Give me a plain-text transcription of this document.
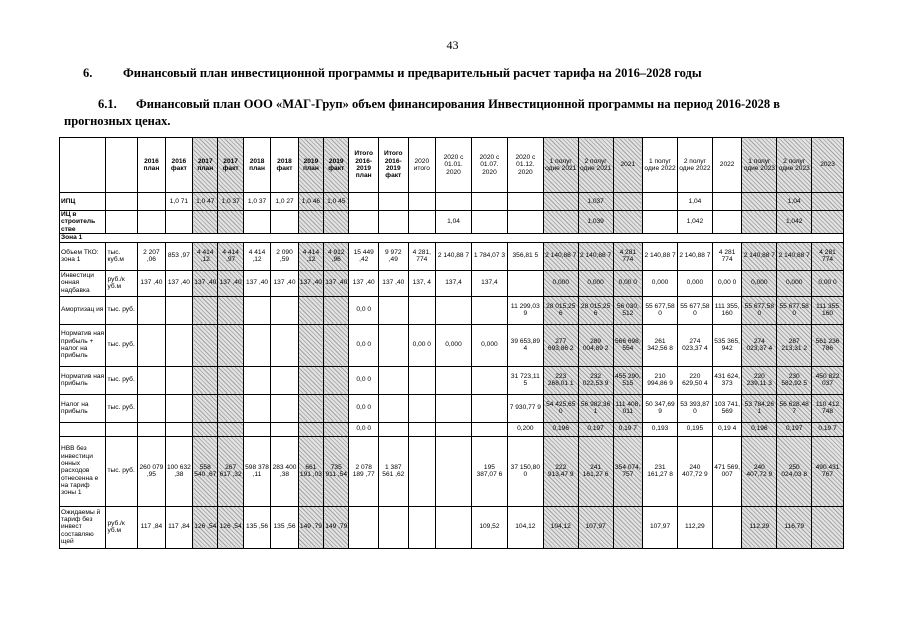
43
6. Финансовый план инвестиционной программы и предварительный расчет тарифа на 2016–2028 годы
6.1. Финансовый план ООО «МАГ-Груп» объем финансирования Инвестиционной программы на период 2016-2028 в прогнозных ценах.
		2016 план	2016 факт	2017 план	2017 факт	2018 план	2018 факт	2019 план	2019 факт	Итого 2016-2019 план	Итого 2016-2019 факт	2020 итого	2020 с 01.01. 2020	2020 с 01.07. 2020	2020 с 01.12. 2020	1 полуг одие 2021	2 полуг одие 2021	2021	1 полуг одие 2022	2 полуг одие 2022	2022	1 полуг одие 2023	2 полуг одие 2023	2023
ИПЦ			1,0 71	1,0 47	1,0 37	1,0 37	1,0 27	1,0 46	1,0 45								1,037			1,04			1,04	
ИЦ в строитель стве													1,04				1,039			1,042			1,042	
Зона 1																								
Объем ТКО: зона 1	тыс. куб.м	2 207 ,06	853 ,97	4 414 ,12	4 414 ,97	4 414 ,12	2 090 ,59	4 414 ,12	4 912 ,96	15 449 ,42	9 972 ,49	4 281, 774	2 140,88 7	1 784,07 3	356,81 5	2 140,88 7	2 140,88 7	4 281 774	2 140,88 7	2 140,88 7	4 281 774	2 140,88 7	2 140,88 7	4 281 774
Инвестици онная надбавка	руб./к уб.м	137 ,40	137 ,40	137 ,40	137 ,40	137 ,40	137 ,40	137 ,40	137 ,40	137 ,40	137 ,40	137, 4	137,4	137,4		0,000	0,000	0,00 0	0,000	0,000	0,00 0	0,000	0,000	0,00 0
Амортизац ия	тыс. руб.									0,0 0					11 299,03 9	28 015,25 6	28 015,25 6	56 030, 512	55 677,58 0	55 677,58 0	111 355, 160	55 677,58 0	55 677,58 0	111 355 160
Норматив ная прибыль + налог на прибыль	тыс. руб.									0,0 0		0,00 0	0,000	0,000	39 653,89 4	277 693,86 2	289 004,89 2	566 698, 554	261 342,56 8	274 023,37 4	535 365, 942	274 023,37 4	287 213,31 2	561 236 786
Норматив ная прибыль	тыс. руб.									0,0 0					31 723,11 5	223 268,01 1	232 022,53 9	455 290, 515	210 994,86 9	220 629,50 4	431 624, 373	220 239,11 3	230 582,92 5	450 822 037
Налог на прибыль	тыс. руб.									0,0 0					7 930,77 9	54 425,65 0	56 982,36 1	111 408, 011	50 347,69 9	53 393,87 0	103 741, 569	53 784,26 1	56 628,48 7	110 412 748
										0,0 0					0,200	0,196	0,197	0,19 7	0,193	0,195	0,19 4	0,196	0,197	0,19 7
НВВ без инвестици онных расходов отнесенна е на тариф зоны 1	тыс. руб.	260 079 ,95	100 632 ,38	558 540 ,67	267 617 ,32	598 378 ,11	283 400 ,38	661 191 ,03	735 911 ,54	2 078 189 ,77	1 387 561 ,62			195 387,07 6	37 150,80 0	222 913,47 9	241 161,27 6	354 074, 757	231 161,27 8	240 407,72 9	471 569, 007	240 407,72 9	250 024,03 8	490 431 767
Ожидаемы й тариф без инвест составляю щей	руб./к уб.м	117 ,84	117 ,84	126 ,54	126 ,54	135 ,56	135 ,56	149 ,79	149 ,79					109,52	104,12	104,12	107,97		107,97	112,29		112,29	116,79	
